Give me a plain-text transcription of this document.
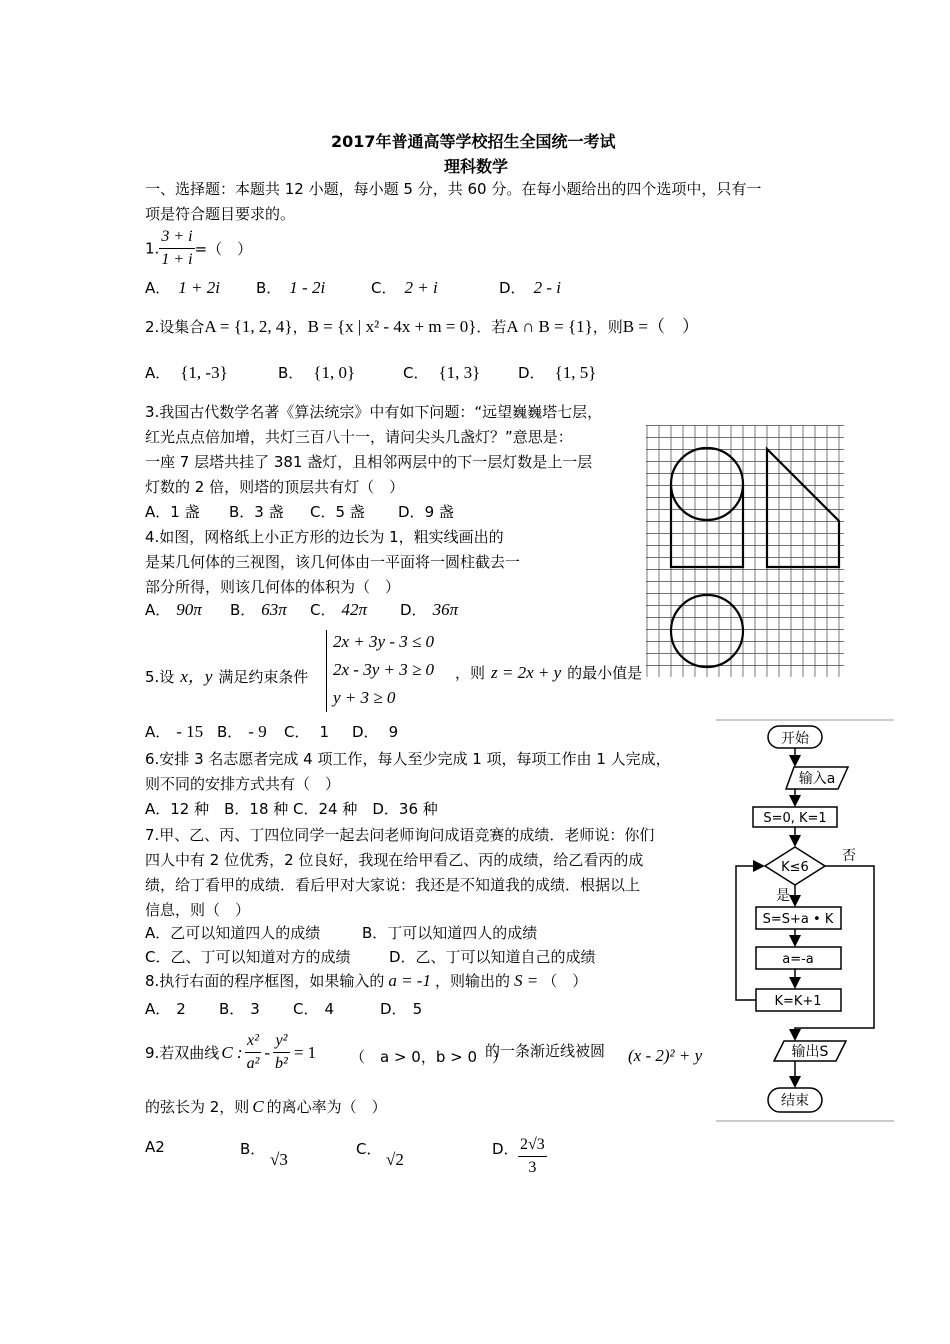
2017年普通高等学校招生全国统一考试
理科数学
一、选择题：本题共 12 小题，每小题 5 分，共 60 分。在每小题给出的四个选项中，只有一
项是符合题目要求的。
1. $\frac{3 + i}{1 + i}$ =（　）
A． 1 + 2i B． 1 - 2i	C． 2 + i	D． 2 - i
2.设集合A = {1, 2, 4}，B = {x | x² - 4x + m = 0}．若A ∩ B = {1}，则B =（　）
A． {1, -3}	B． {1, 0}	C． {1, 3}	D． {1, 5}
3.我国古代数学名著《算法统宗》中有如下问题：“远望巍巍塔七层，
红光点点倍加增，共灯三百八十一，请问尖头几盏灯？”意思是：
一座 7 层塔共挂了 381 盏灯，且相邻两层中的下一层灯数是上一层
灯数的 2 倍，则塔的顶层共有灯（　）
A．1 盏 B．3 盏 C．5 盏 D．9 盏
4.如图，网格纸上小正方形的边长为 1，粗实线画出的
是某几何体的三视图，该几何体由一平面将一圆柱截去一
部分所得，则该几何体的体积为（　）
A． 90π B． 63π C． 42π D． 36π
5.设 x，y 满足约束条件
2x + 3y - 3 ≤ 0
2x - 3y + 3 ≥ 0
y + 3 ≥ 0
，则 z = 2x + y 的最小值是
A． - 15 B． - 9 C． 1 D． 9
6.安排 3 名志愿者完成 4 项工作，每人至少完成 1 项，每项工作由 1 人完成，
则不同的安排方式共有（　）
A．12 种　B．18 种 C．24 种　D．36 种
7.甲、乙、丙、丁四位同学一起去问老师询问成语竞赛的成绩．老师说：你们
四人中有 2 位优秀，2 位良好，我现在给甲看乙、丙的成绩，给乙看丙的成
绩，给丁看甲的成绩．看后甲对大家说：我还是不知道我的成绩．根据以上
信息，则（　）
A．乙可以知道四人的成绩	B．丁可以知道四人的成绩
C．乙、丁可以知道对方的成绩	D．乙、丁可以知道自己的成绩
8.执行右面的程序框图，如果输入的 a = -1 ，则输出的 S = （　）
A． 2 B． 3 C． 4	D． 5
9.若双曲线 C : $\frac{\text{x²}}{\text{a²}} - \frac{\text{y²}}{\text{b²}} = 1$ （　a > 0，b > 0　）
的一条渐近线被圆 (x - 2)² + y
的弦长为 2，则 C 的离心率为（　）
A2	B．
√3
C．
√2
D． $\frac{2√3}{3}$
开始
输入a
S=0, K=1
K≤6
否
是
S=S+a • K
a=-a
K=K+1
输出S
结束
